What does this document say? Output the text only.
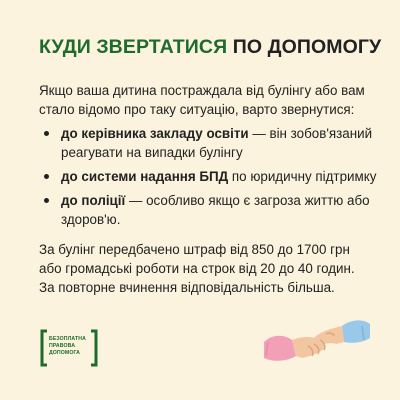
КУДИ ЗВЕРТАТИСЯ ПО ДОПОМОГУ

Якщо ваша дитина постраждала від булінгу або вам стало відомо про таку ситуацію, варто звернутися:

до керівника закладу освіти — він зобов'язаний реагувати на випадки булінгу
до системи надання БПД по юридичну підтримку
до поліції — особливо якщо є загроза життю або здоров'ю.

За булінг передбачено штраф від 850 до 1700 грн
або громадські роботи на строк від 20 до 40 годин.
За повторне вчинення відповідальність більша.

БЕЗОПЛАТНА
ПРАВОВА
ДОПОМОГА
